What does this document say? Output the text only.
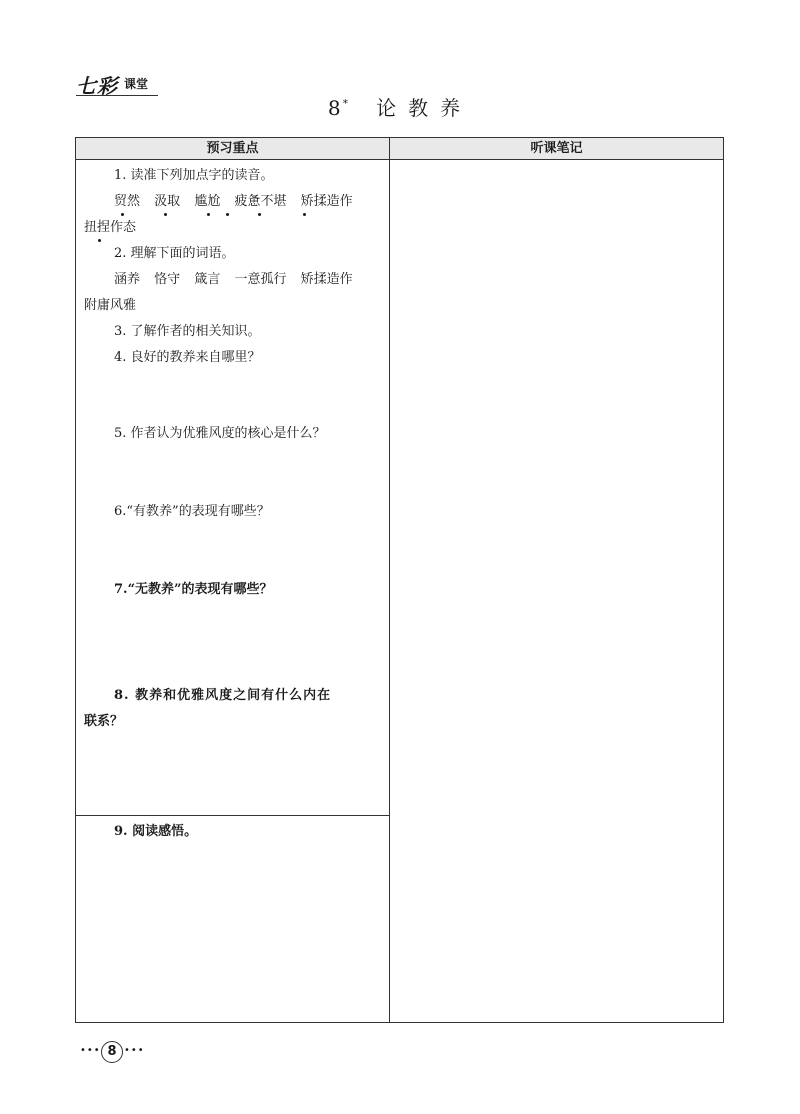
七彩 课堂
8 * 论教养
预习重点	听课笔记
1. 读准下列加点字的读音。
贸然 汲取 尴尬 疲惫不堪 矫揉造作
扭捏作态
2. 理解下面的词语。
涵养 恪守 箴言 一意孤行 矫揉造作
附庸风雅
3. 了解作者的相关知识。
4. 良好的教养来自哪里？
5. 作者认为优雅风度的核心是什么？
6.“有教养”的表现有哪些？
7.“无教养”的表现有哪些？
8. 教养和优雅风度之间有什么内在
联系？
9. 阅读感悟。
••• 8 •••
